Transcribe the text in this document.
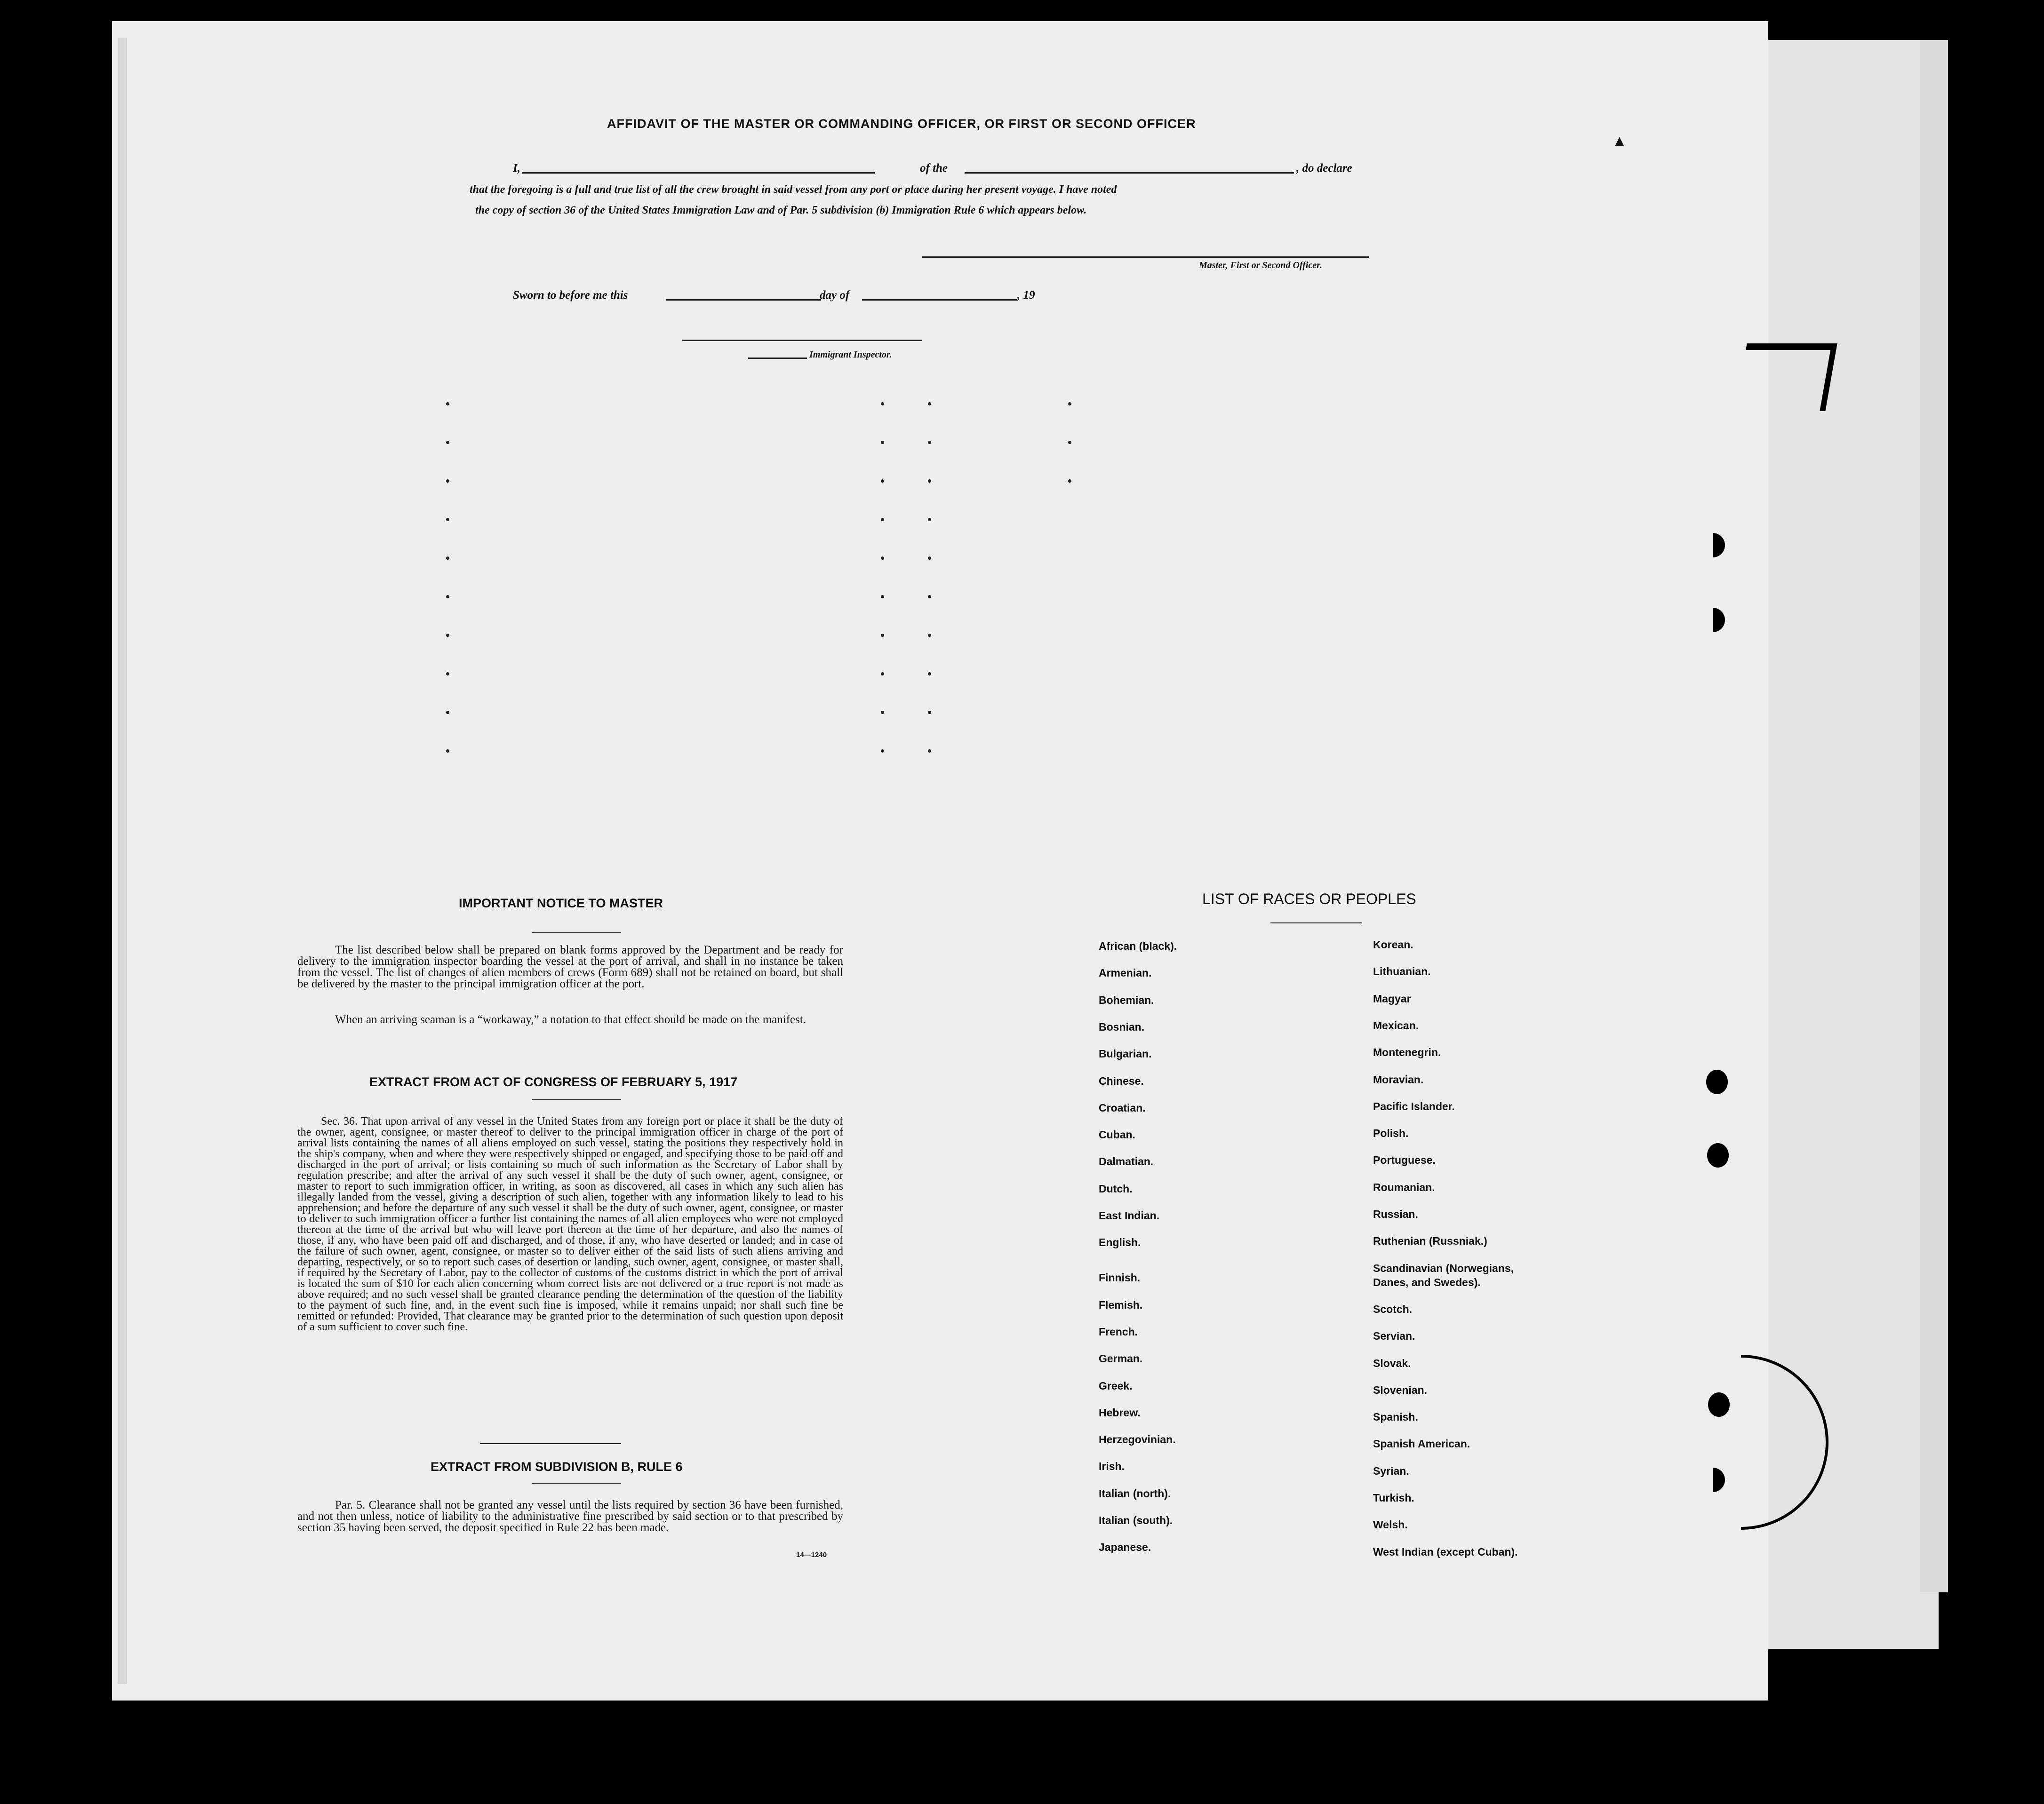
AFFIDAVIT OF THE MASTER OR COMMANDING OFFICER, OR FIRST OR SECOND OFFICER
I,	of the	, do declare
that the foregoing is a full and true list of all the crew brought in said vessel from any port or place during her present voyage. I have noted
the copy of section 36 of the United States Immigration Law and of Par. 5 subdivision (b) Immigration Rule 6 which appears below.
Master, First or Second Officer.
Sworn to before me this	day of	, 19
Immigrant Inspector.
IMPORTANT NOTICE TO MASTER
The list described below shall be prepared on blank forms approved by the Department and be ready for delivery to the immigration inspector boarding the vessel at the port of arrival, and shall in no instance be taken from the vessel. The list of changes of alien members of crews (Form 689) shall not be retained on board, but shall be delivered by the master to the principal immigration officer at the port.
When an arriving seaman is a “workaway,” a notation to that effect should be made on the manifest.
EXTRACT FROM ACT OF CONGRESS OF FEBRUARY 5, 1917
Sec. 36. That upon arrival of any vessel in the United States from any foreign port or place it shall be the duty of the owner, agent, consignee, or master thereof to deliver to the principal immigration officer in charge of the port of arrival lists containing the names of all aliens employed on such vessel, stating the positions they respectively hold in the ship's company, when and where they were respectively shipped or engaged, and specifying those to be paid off and discharged in the port of arrival; or lists containing so much of such information as the Secretary of Labor shall by regulation prescribe; and after the arrival of any such vessel it shall be the duty of such owner, agent, consignee, or master to report to such immigration officer, in writing, as soon as discovered, all cases in which any such alien has illegally landed from the vessel, giving a description of such alien, together with any information likely to lead to his apprehension; and before the departure of any such vessel it shall be the duty of such owner, agent, consignee, or master to deliver to such immigration officer a further list containing the names of all alien employees who were not employed thereon at the time of the arrival but who will leave port thereon at the time of her departure, and also the names of those, if any, who have been paid off and discharged, and of those, if any, who have deserted or landed; and in case of the failure of such owner, agent, consignee, or master so to deliver either of the said lists of such aliens arriving and departing, respectively, or so to report such cases of desertion or landing, such owner, agent, consignee, or master shall, if required by the Secretary of Labor, pay to the collector of customs of the customs district in which the port of arrival is located the sum of $10 for each alien concerning whom correct lists are not delivered or a true report is not made as above required; and no such vessel shall be granted clearance pending the determination of the question of the liability to the payment of such fine, and, in the event such fine is imposed, while it remains unpaid; nor shall such fine be remitted or refunded: Provided, That clearance may be granted prior to the determination of such question upon deposit of a sum sufficient to cover such fine.
EXTRACT FROM SUBDIVISION B, RULE 6
Par. 5. Clearance shall not be granted any vessel until the lists required by section 36 have been furnished, and not then unless, notice of liability to the administrative fine prescribed by said section or to that prescribed by section 35 having been served, the deposit specified in Rule 22 has been made.
14—1240
LIST OF RACES OR PEOPLES
African (black).
Armenian.
Bohemian.
Bosnian.
Bulgarian.
Chinese.
Croatian.
Cuban.
Dalmatian.
Dutch.
East Indian.
English.
Finnish.
Flemish.
French.
German.
Greek.
Hebrew.
Herzegovinian.
Irish.
Italian (north).
Italian (south).
Japanese.
Korean.
Lithuanian.
Magyar
Mexican.
Montenegrin.
Moravian.
Pacific Islander.
Polish.
Portuguese.
Roumanian.
Russian.
Ruthenian (Russniak.)
Scandinavian (Norwegians,
Danes, and Swedes).
Scotch.
Servian.
Slovak.
Slovenian.
Spanish.
Spanish American.
Syrian.
Turkish.
Welsh.
West Indian (except Cuban).
▲
